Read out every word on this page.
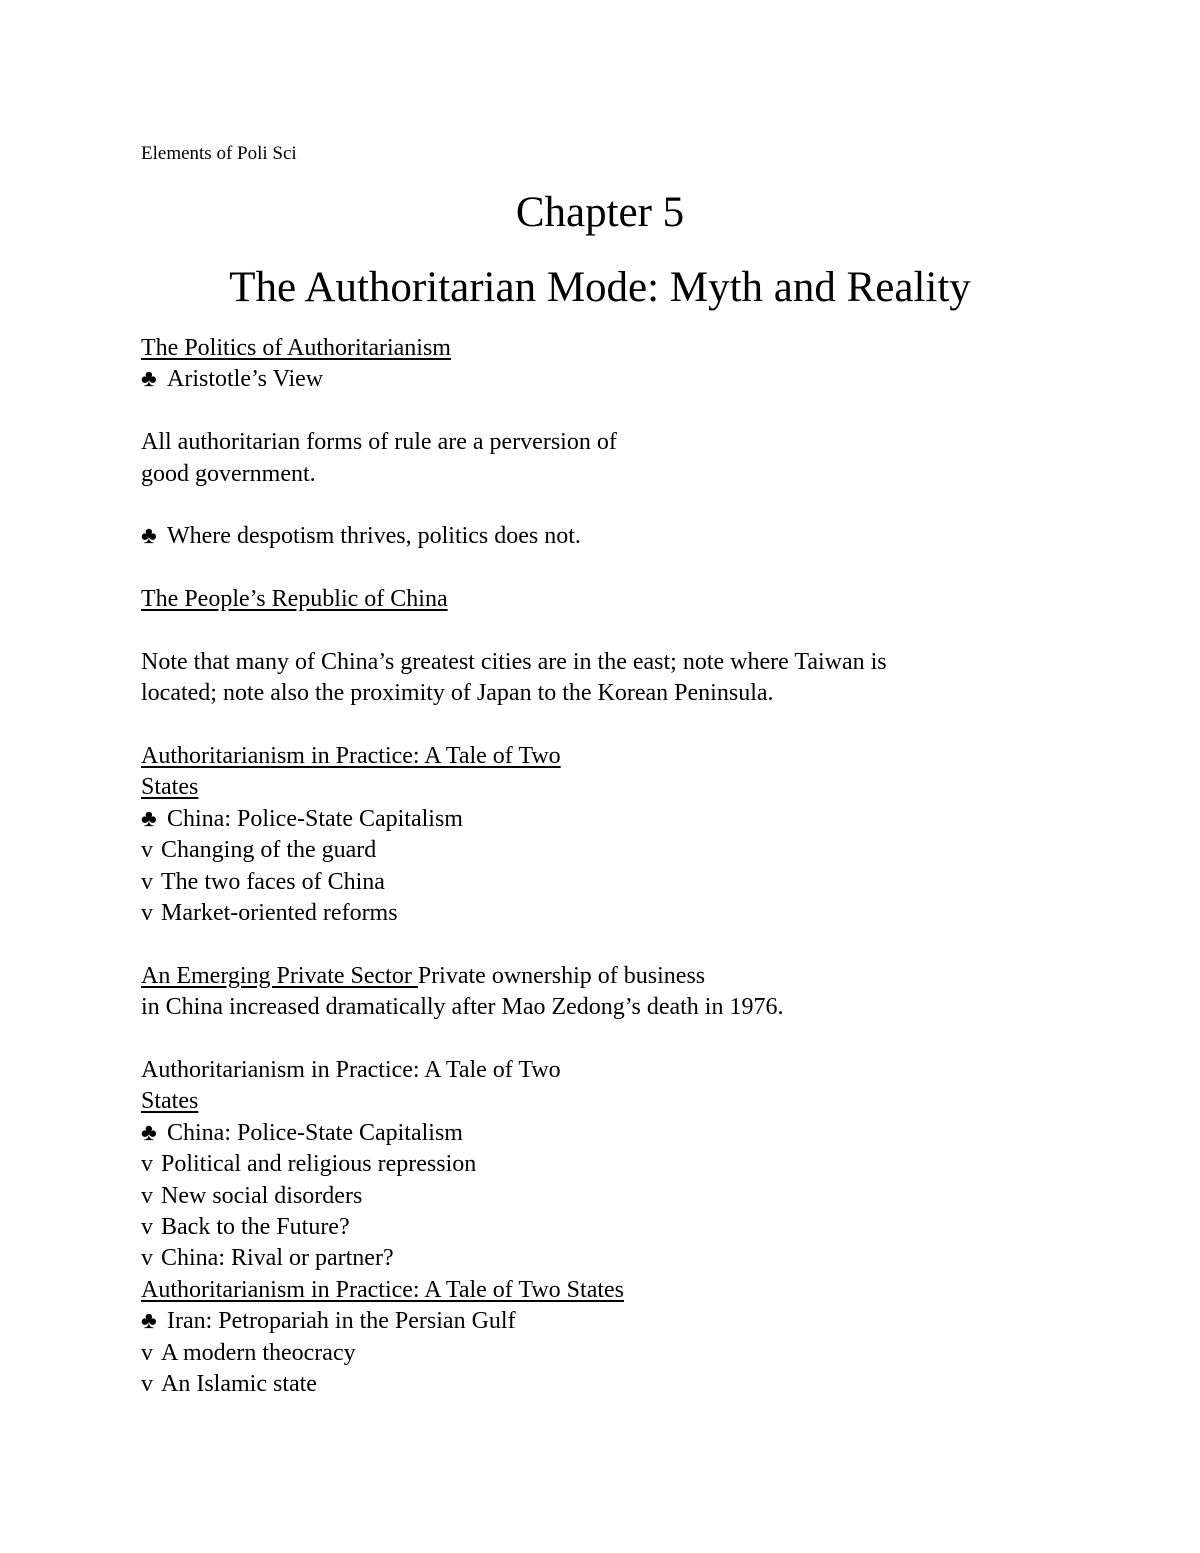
Elements of Poli Sci
Chapter 5
The Authoritarian Mode: Myth and Reality
The Politics of Authoritarianism
♣ Aristotle’s View
All authoritarian forms of rule are a perversion of
good government.
♣ Where despotism thrives, politics does not.
The People’s Republic of China
Note that many of China’s greatest cities are in the east; note where Taiwan is
located; note also the proximity of Japan to the Korean Peninsula.
Authoritarianism in Practice: A Tale of Two
States
♣ China: Police-State Capitalism
v Changing of the guard
v The two faces of China
v Market-oriented reforms
An Emerging Private Sector Private ownership of business
in China increased dramatically after Mao Zedong’s death in 1976.
Authoritarianism in Practice: A Tale of Two
States
♣ China: Police-State Capitalism
v Political and religious repression
v New social disorders
v Back to the Future?
v China: Rival or partner?
Authoritarianism in Practice: A Tale of Two States
♣ Iran: Petropariah in the Persian Gulf
v A modern theocracy
v An Islamic state
